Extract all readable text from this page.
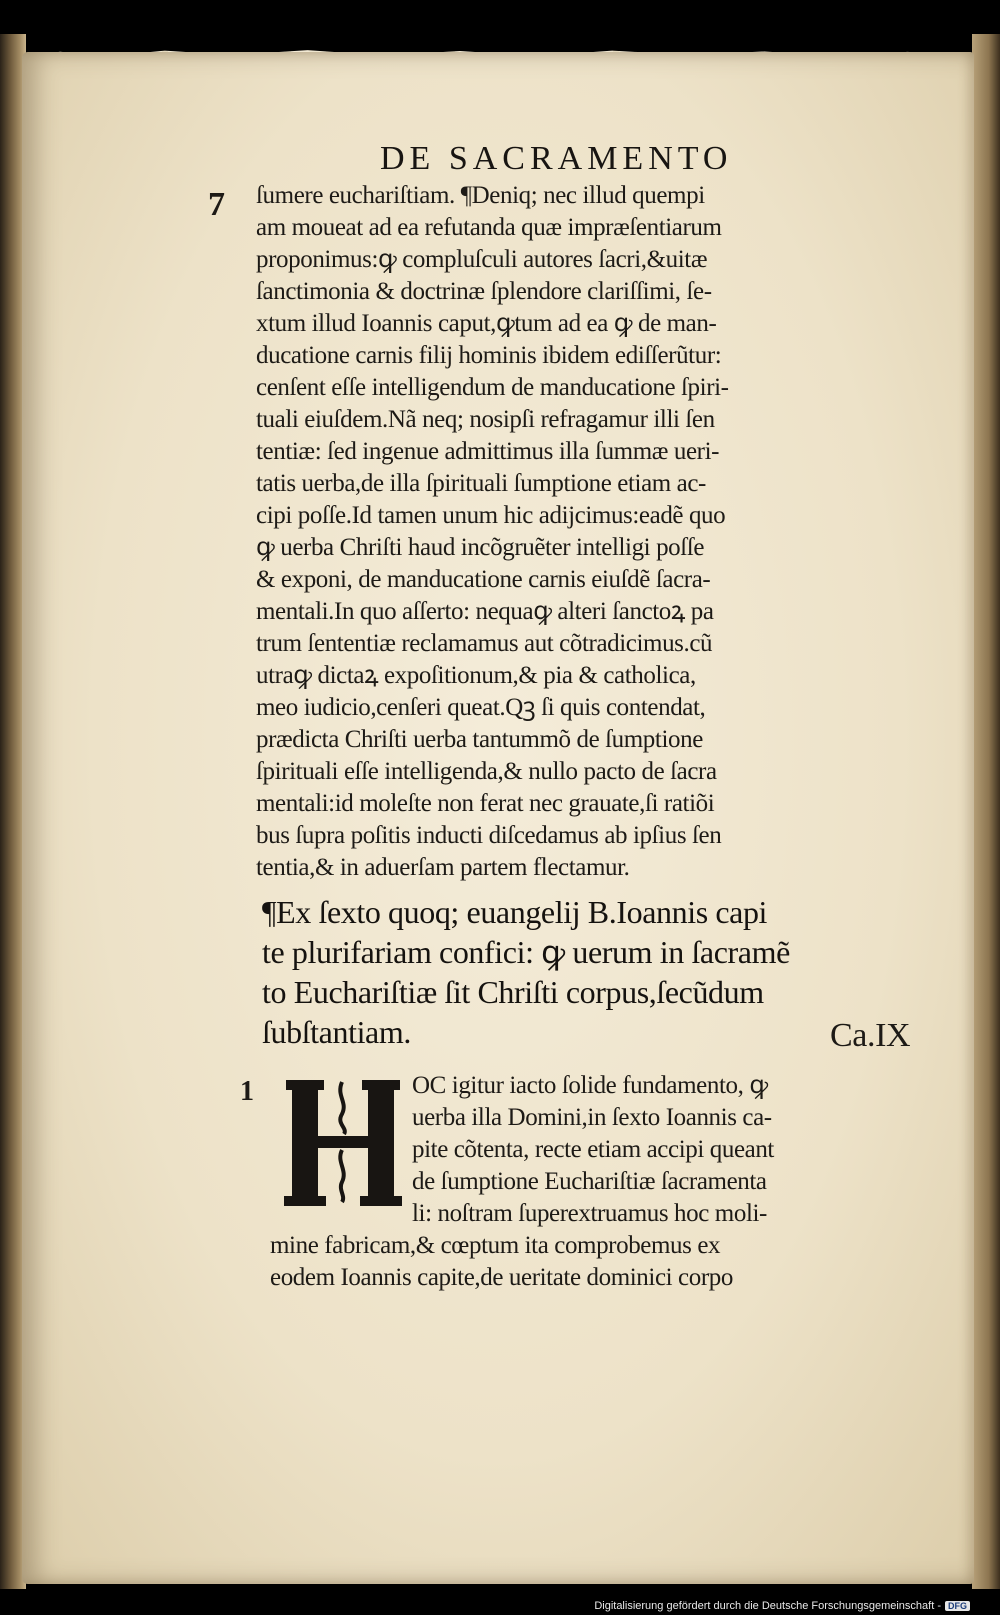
DE SACRAMENTO
7 ſumere euchariſtiam. ¶Deniq; nec illud quempi
am moueat ad ea refutanda quæ impræſentiarum
proponimus:ꝙ compluſculi autores ſacri,&uitæ
ſanctimonia & doctrinæ ſplendore clariſſimi, ſe-
xtum illud Ioannis caput,ꝙtum ad ea ꝙ de man-
ducatione carnis filij hominis ibidem ediſſerũtur:
cenſent eſſe intelligendum de manducatione ſpiri-
tuali eiuſdem.Nã neq; nosipſi refragamur illi ſen
tentiæ: ſed ingenue admittimus illa ſummæ ueri-
tatis uerba,de illa ſpirituali ſumptione etiam ac-
cipi poſſe.Id tamen unum hic adijcimus:eadẽ quo
ꝙ uerba Chriſti haud incõgruẽter intelligi poſſe
& exponi, de manducatione carnis eiuſdẽ ſacra-
mentali.In quo aſſerto: nequaꝙ alteri ſanctoꝝ pa
trum ſententiæ reclamamus aut cõtradicimus.cũ
utraꝙ dictaꝝ expoſitionum,& pia & catholica,
meo iudicio,cenſeri queat.Qꝫ ſi quis contendat,
prædicta Chriſti uerba tantummõ de ſumptione
ſpirituali eſſe intelligenda,& nullo pacto de ſacra
mentali:id moleſte non ferat nec grauate,ſi ratiõi
bus ſupra poſitis inducti diſcedamus ab ipſius ſen
tentia,& in aduerſam partem flectamur.
¶Ex ſexto quoq; euangelij B.Ioannis capi
te plurifariam confici: ꝙ uerum in ſacramẽ
to Euchariſtiæ ſit Chriſti corpus,ſecũdum
ſubſtantiam.	Ca.IX
1	OC igitur iacto ſolide fundamento, ꝙ
uerba illa Domini,in ſexto Ioannis ca-
pite cõtenta, recte etiam accipi queant
de ſumptione Euchariſtiæ ſacramenta
li: noſtram ſuperextruamus hoc moli-
mine fabricam,& cœptum ita comprobemus ex
eodem Ioannis capite,de ueritate dominici corpo
Digitalisierung gefördert durch die Deutsche Forschungsgemeinschaft - DFG
